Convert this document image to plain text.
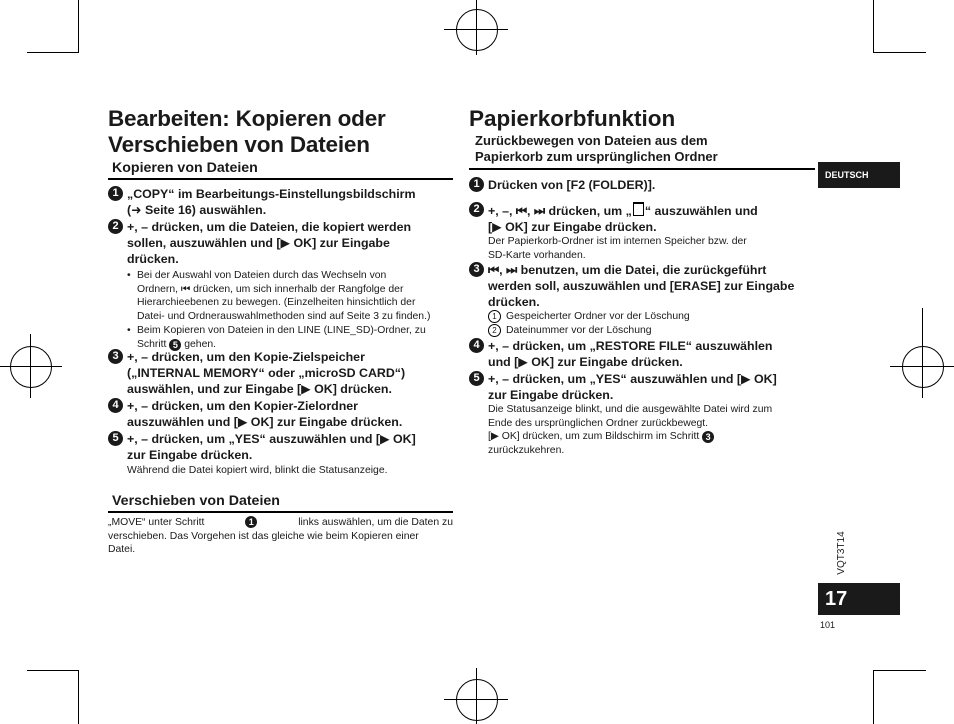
Bearbeiten: Kopieren oder
Verschieben von Dateien
Kopieren von Dateien
1 „COPY“ im Bearbeitungs-Einstellungsbildschirm
(➜ Seite 16) auswählen.
2 +, – drücken, um die Dateien, die kopiert werden
sollen, auszuwählen und [▶ OK] zur Eingabe
drücken.
• Bei der Auswahl von Dateien durch das Wechseln von
Ordnern, ⏮ drücken, um sich innerhalb der Rangfolge der
Hierarchieebenen zu bewegen. (Einzelheiten hinsichtlich der
Datei- und Ordnerauswahlmethoden sind auf Seite 3 zu finden.)
• Beim Kopieren von Dateien in den LINE (LINE_SD)-Ordner, zu
Schritt 5 gehen.
3 +, – drücken, um den Kopie-Zielspeicher
(„INTERNAL MEMORY“ oder „microSD CARD“)
auswählen, und zur Eingabe [▶ OK] drücken.
4 +, – drücken, um den Kopier-Zielordner
auszuwählen und [▶ OK] zur Eingabe drücken.
5 +, – drücken, um „YES“ auszuwählen und [▶ OK]
zur Eingabe drücken.
Während die Datei kopiert wird, blinkt die Statusanzeige.
Verschieben von Dateien
„MOVE“ unter Schritt	1	links auswählen, um die Daten zu
verschieben. Das Vorgehen ist das gleiche wie beim Kopieren einer
Datei.
Papierkorbfunktion
Zurückbewegen von Dateien aus dem
Papierkorb zum ursprünglichen Ordner
1 Drücken von [F2 (FOLDER)].
2 +, –, ⏮, ⏭ drücken, um „ “ auszuwählen und
[▶ OK] zur Eingabe drücken.
Der Papierkorb-Ordner ist im internen Speicher bzw. der
SD-Karte vorhanden.
3 ⏮, ⏭ benutzen, um die Datei, die zurückgeführt
werden soll, auszuwählen und [ERASE] zur Eingabe
drücken.
1 Gespeicherter Ordner vor der Löschung
2 Dateinummer vor der Löschung
4 +, – drücken, um „RESTORE FILE“ auszuwählen
und [▶ OK] zur Eingabe drücken.
5 +, – drücken, um „YES“ auszuwählen und [▶ OK]
zur Eingabe drücken.
Die Statusanzeige blinkt, und die ausgewählte Datei wird zum
Ende des ursprünglichen Ordner zurückbewegt.
[▶ OK] drücken, um zum Bildschirm im Schritt 3
zurückzukehren.
DEUTSCH
VQT3T14
17
101
